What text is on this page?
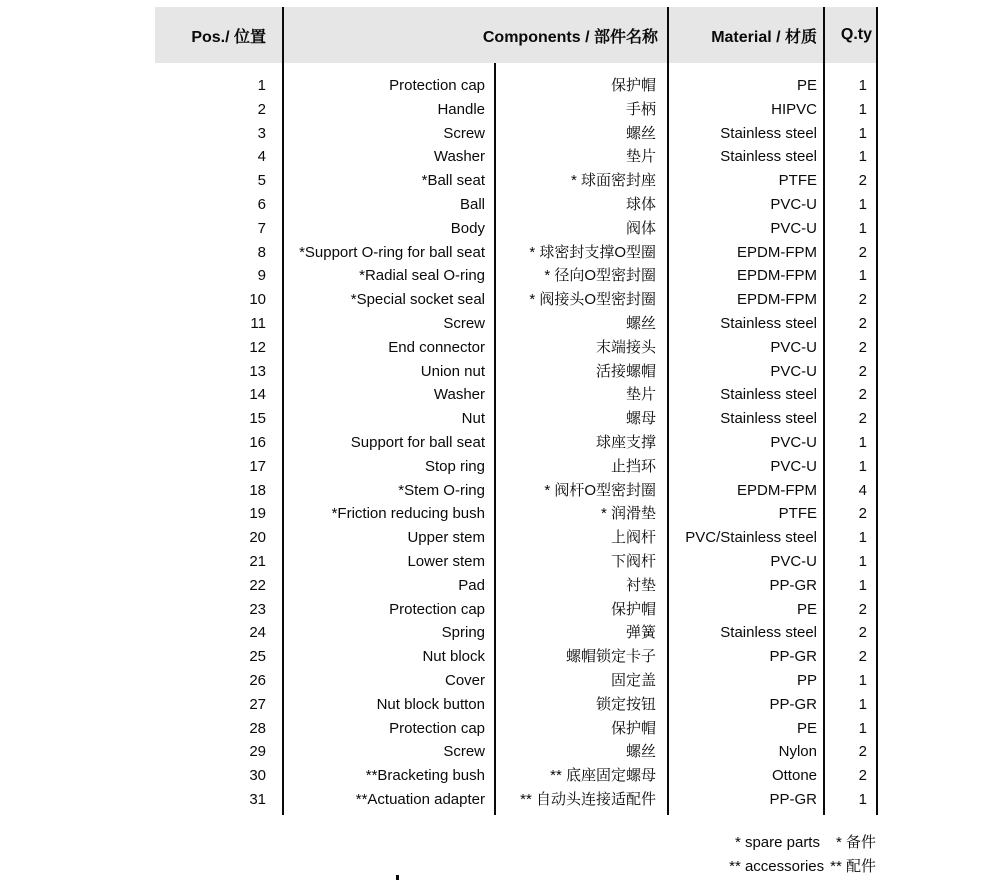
Pos./ 位置	Components / 部件名称	Material / 材质	Q.ty
1	Protection cap	保护帽	PE	1
2	Handle	手柄	HIPVC	1
3	Screw	螺丝	Stainless steel	1
4	Washer	垫片	Stainless steel	1
5	*Ball seat	* 球面密封座	PTFE	2
6	Ball	球体	PVC-U	1
7	Body	阀体	PVC-U	1
8	*Support O-ring for ball seat	* 球密封支撑O型圈	EPDM-FPM	2
9	*Radial seal O-ring	* 径向O型密封圈	EPDM-FPM	1
10	*Special socket seal	* 阀接头O型密封圈	EPDM-FPM	2
11	Screw	螺丝	Stainless steel	2
12	End connector	末端接头	PVC-U	2
13	Union nut	活接螺帽	PVC-U	2
14	Washer	垫片	Stainless steel	2
15	Nut	螺母	Stainless steel	2
16	Support for ball seat	球座支撑	PVC-U	1
17	Stop ring	止挡环	PVC-U	1
18	*Stem O-ring	* 阀杆O型密封圈	EPDM-FPM	4
19	*Friction reducing bush	* 润滑垫	PTFE	2
20	Upper stem	上阀杆	PVC/Stainless steel	1
21	Lower stem	下阀杆	PVC-U	1
22	Pad	衬垫	PP-GR	1
23	Protection cap	保护帽	PE	2
24	Spring	弹簧	Stainless steel	2
25	Nut block	螺帽锁定卡子	PP-GR	2
26	Cover	固定盖	PP	1
27	Nut block button	锁定按钮	PP-GR	1
28	Protection cap	保护帽	PE	1
29	Screw	螺丝	Nylon	2
30	**Bracketing bush	** 底座固定螺母	Ottone	2
31	**Actuation adapter	** 自动头连接适配件	PP-GR	1
* spare parts * 备件
** accessories ** 配件
